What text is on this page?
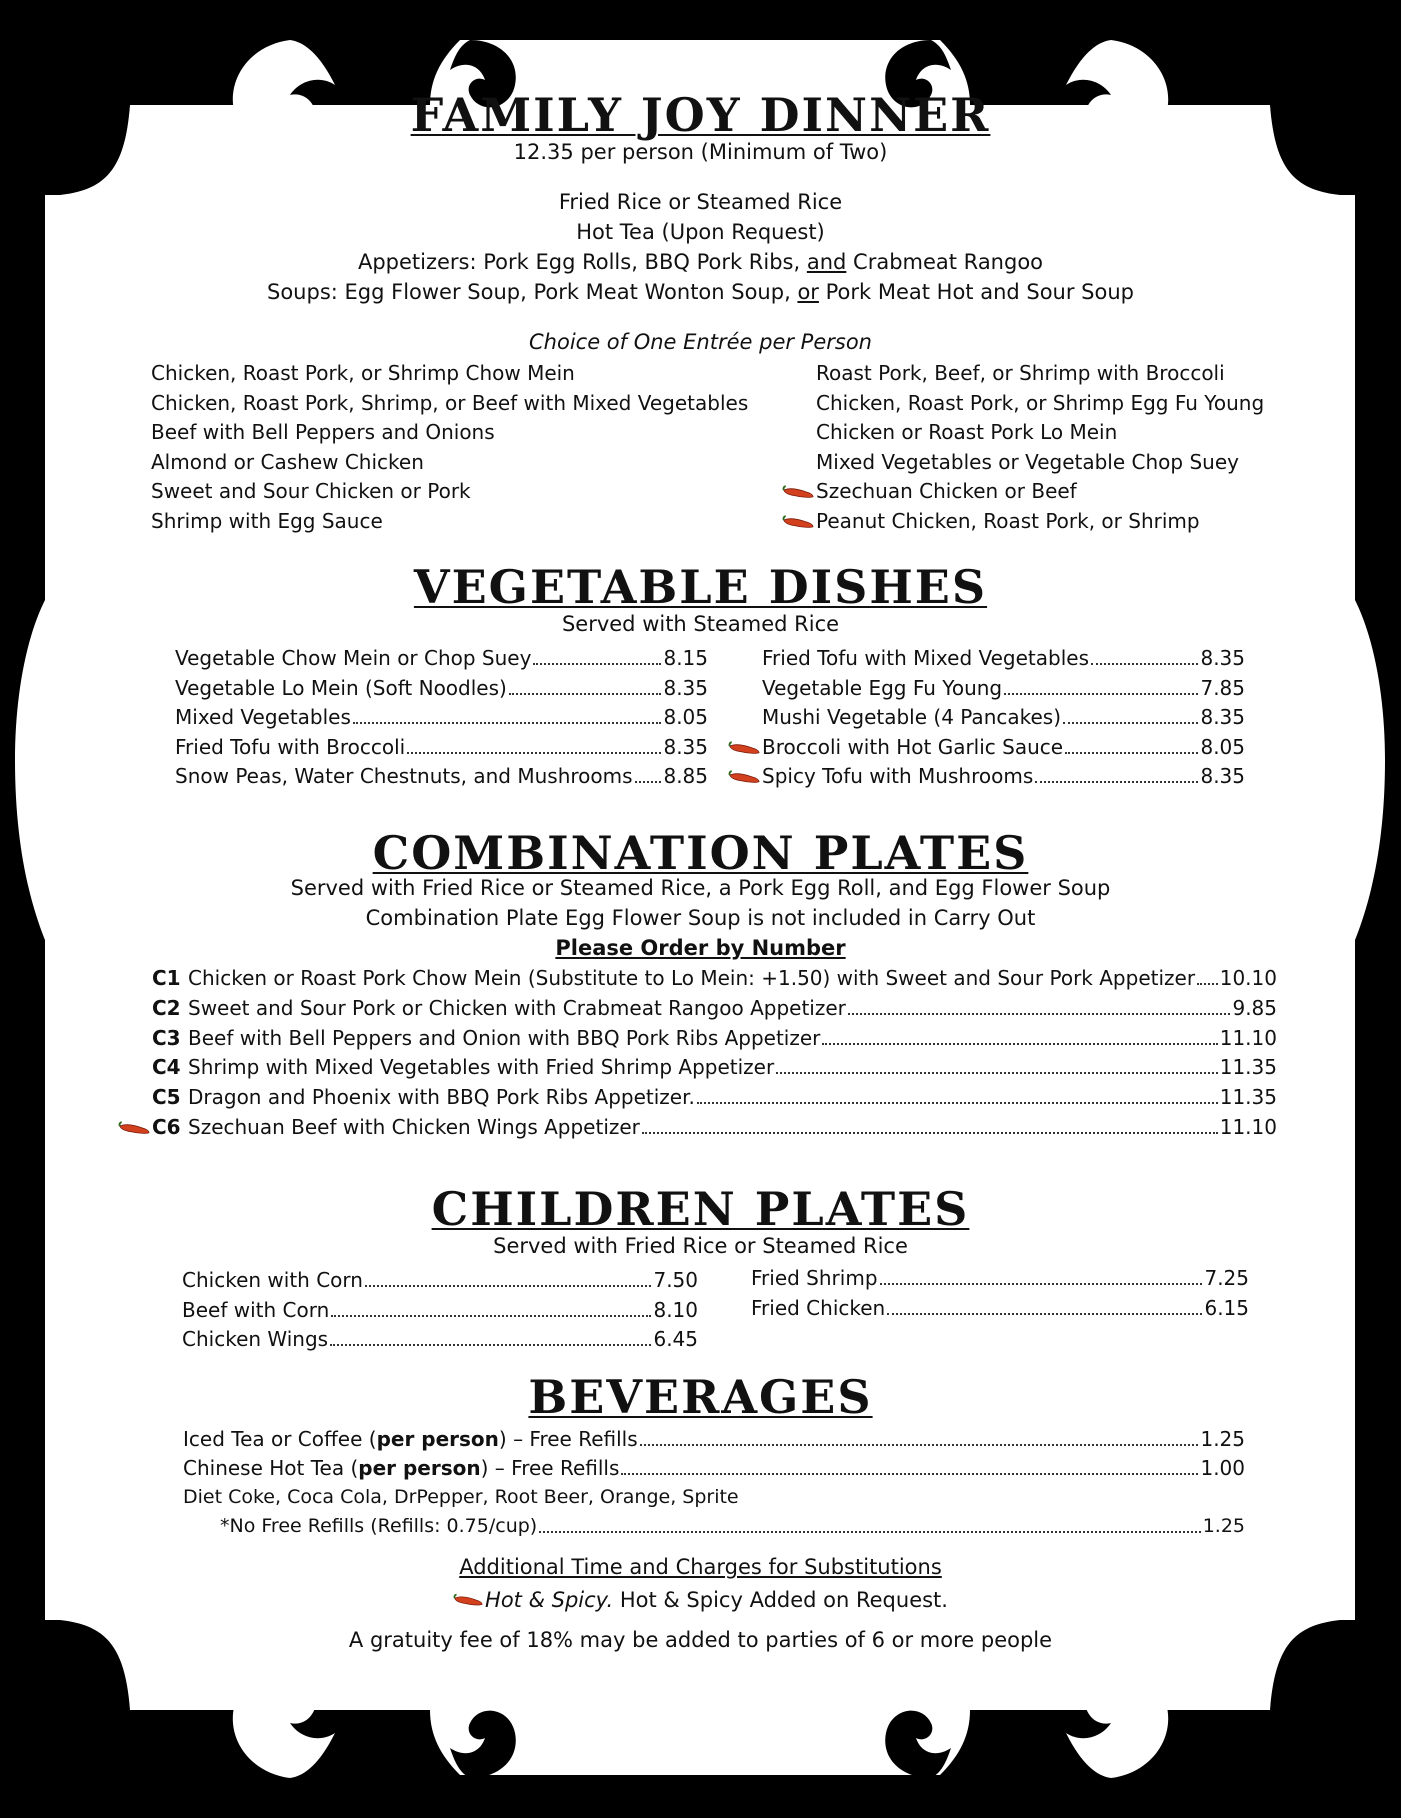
FAMILY JOY DINNER
12.35 per person (Minimum of Two)
Fried Rice or Steamed Rice
Hot Tea (Upon Request)
Appetizers: Pork Egg Rolls, BBQ Pork Ribs, and Crabmeat Rangoo
Soups: Egg Flower Soup, Pork Meat Wonton Soup, or Pork Meat Hot and Sour Soup
Choice of One Entrée per Person
Chicken, Roast Pork, or Shrimp Chow Mein
Chicken, Roast Pork, Shrimp, or Beef with Mixed Vegetables
Beef with Bell Peppers and Onions
Almond or Cashew Chicken
Sweet and Sour Chicken or Pork
Shrimp with Egg Sauce
Roast Pork, Beef, or Shrimp with Broccoli
Chicken, Roast Pork, or Shrimp Egg Fu Young
Chicken or Roast Pork Lo Mein
Mixed Vegetables or Vegetable Chop Suey
Szechuan Chicken or Beef
Peanut Chicken, Roast Pork, or Shrimp
VEGETABLE DISHES
Served with Steamed Rice
Vegetable Chow Mein or Chop Suey	8.15
Vegetable Lo Mein (Soft Noodles)	8.35
Mixed Vegetables	8.05
Fried Tofu with Broccoli	8.35
Snow Peas, Water Chestnuts, and Mushrooms 8.85
Fried Tofu with Mixed Vegetables	8.35
Vegetable Egg Fu Young	7.85
Mushi Vegetable (4 Pancakes)	8.35
Broccoli with Hot Garlic Sauce	8.05
Spicy Tofu with Mushrooms	8.35
COMBINATION PLATES
Served with Fried Rice or Steamed Rice, a Pork Egg Roll, and Egg Flower Soup
Combination Plate Egg Flower Soup is not included in Carry Out
Please Order by Number
C1 Chicken or Roast Pork Chow Mein (Substitute to Lo Mein: +1.50) with Sweet and Sour Pork Appetizer 10.10
C2 Sweet and Sour Pork or Chicken with Crabmeat Rangoo Appetizer	9.85
C3 Beef with Bell Peppers and Onion with BBQ Pork Ribs Appetizer	11.10
C4 Shrimp with Mixed Vegetables with Fried Shrimp Appetizer	11.35
C5 Dragon and Phoenix with BBQ Pork Ribs Appetizer.	11.35
C6 Szechuan Beef with Chicken Wings Appetizer	11.10
CHILDREN PLATES
Served with Fried Rice or Steamed Rice
Chicken with Corn	7.50
Beef with Corn	8.10
Chicken Wings	6.45
Fried Shrimp	7.25
Fried Chicken	6.15
BEVERAGES
Iced Tea or Coffee (per person) – Free Refills	1.25
Chinese Hot Tea (per person) – Free Refills	1.00
Diet Coke, Coca Cola, DrPepper, Root Beer, Orange, Sprite
*No Free Refills (Refills: 0.75/cup)	1.25
Additional Time and Charges for Substitutions
Hot & Spicy. Hot & Spicy Added on Request.
A gratuity fee of 18% may be added to parties of 6 or more people
